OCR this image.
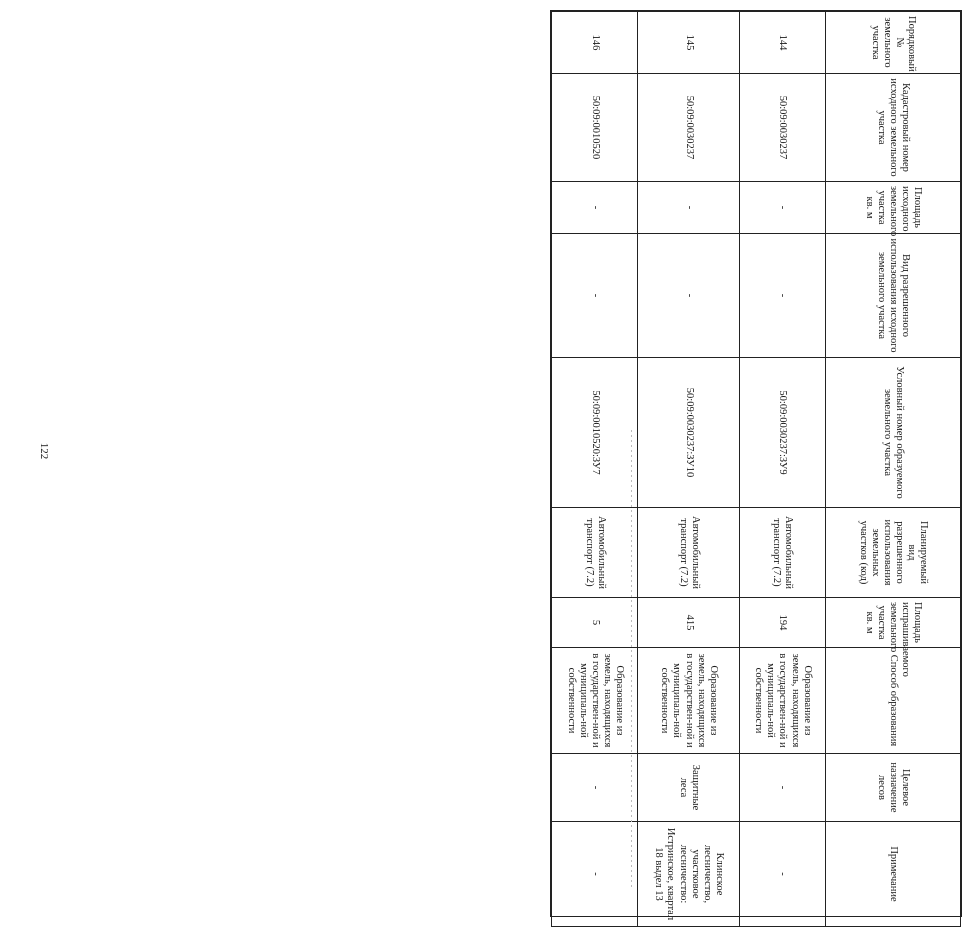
122
Порядковый № земельного участка	Кадастровый номер исходного земельного участка	Площадь исходного земельного участка кв. м	Вид разрешенного использования исходного земельного участка	Условный номер образуемого земельного участка	Планируемый вид разрешенного использования земельных участков (код)	Площадь испрашиваемого земельного участка кв. м	Способ образования	Целевое назначение лесов	Примечание
144	50:09:0030237	-	-	50:09:0030237:ЗУ9	Автомобильный транспорт (7.2)	194	Образование из земель, находящихся в государствен-ной и муниципаль-ной собственности	-	-
145	50:09:0030237	-	-	50:09:0030237:ЗУ10	Автомобильный транспорт (7.2)	415	Образование из земель, находящихся в государствен-ной и муниципаль-ной собственности	Защитные леса	Клинское лесничество, участковое лесничество: Истринское, квартал 18 выдел 13
146	50:09:0010520	-	-	50:09:0010520:ЗУ7	Автомобильный транспорт (7.2)	5	Образование из земель, находящихся в государствен-ной и муниципаль-ной собственности	-	-
